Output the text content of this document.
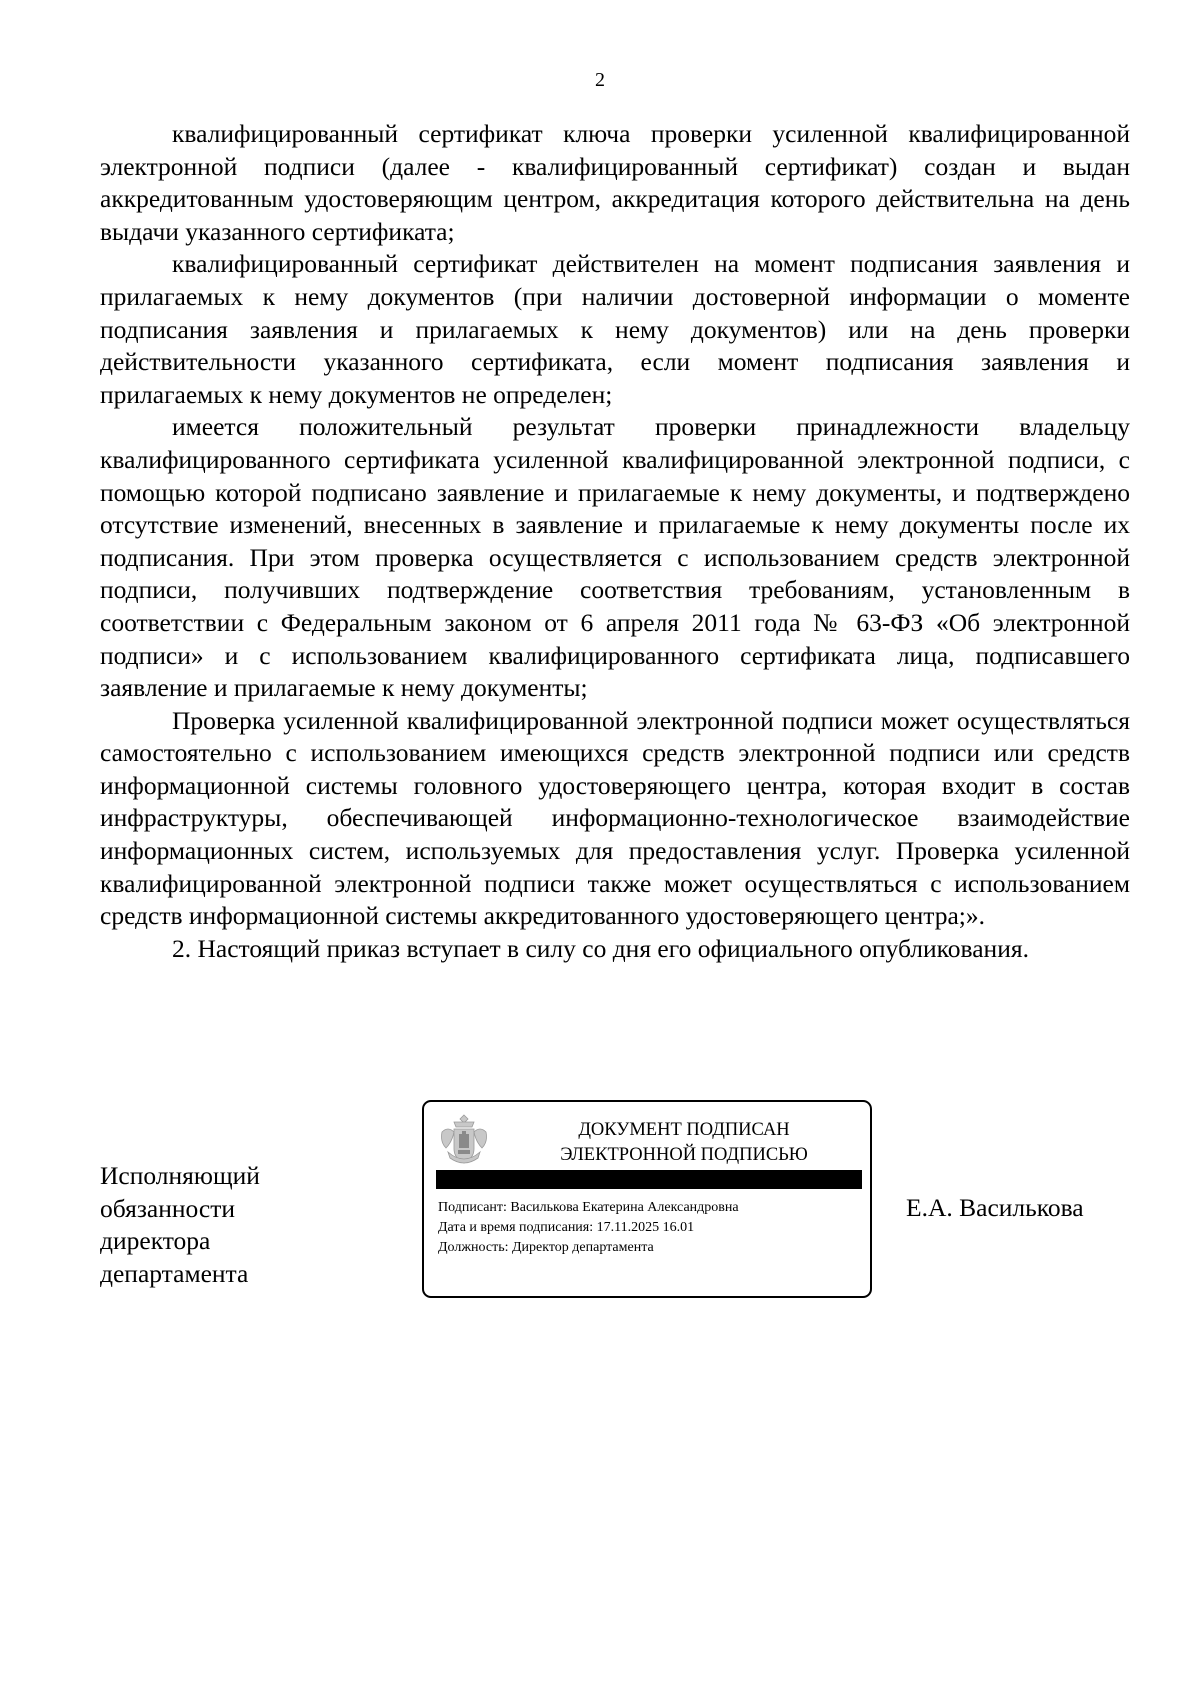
2

квалифицированный сертификат ключа проверки усиленной квалифицированной электронной подписи (далее - квалифицированный сертификат) создан и выдан аккредитованным удостоверяющим центром, аккредитация которого действительна на день выдачи указанного сертификата;

квалифицированный сертификат действителен на момент подписания заявления и прилагаемых к нему документов (при наличии достоверной информации о моменте подписания заявления и прилагаемых к нему документов) или на день проверки действительности указанного сертификата, если момент подписания заявления и прилагаемых к нему документов не определен;

имеется положительный результат проверки принадлежности владельцу квалифицированного сертификата усиленной квалифицированной электронной подписи, с помощью которой подписано заявление и прилагаемые к нему документы, и подтверждено отсутствие изменений, внесенных в заявление и прилагаемые к нему документы после их подписания. При этом проверка осуществляется с использованием средств электронной подписи, получивших подтверждение соответствия требованиям, установленным в соответствии с Федеральным законом от 6 апреля 2011 года № 63-ФЗ «Об электронной подписи» и с использованием квалифицированного сертификата лица, подписавшего заявление и прилагаемые к нему документы;

Проверка усиленной квалифицированной электронной подписи может осуществляться самостоятельно с использованием имеющихся средств электронной подписи или средств информационной системы головного удостоверяющего центра, которая входит в состав инфраструктуры, обеспечивающей информационно-технологическое взаимодействие информационных систем, используемых для предоставления услуг. Проверка усиленной квалифицированной электронной подписи также может осуществляться с использованием средств информационной системы аккредитованного удостоверяющего центра;».

2. Настоящий приказ вступает в силу со дня его официального опубликования.

Исполняющий
обязанности
директора
департамента
ДОКУМЕНТ ПОДПИСАН
ЭЛЕКТРОННОЙ ПОДПИСЬЮ
Подписант: Василькова Екатерина Александровна
Дата и время подписания: 17.11.2025 16.01
Должность: Директор департамента
Е.А. Василькова
